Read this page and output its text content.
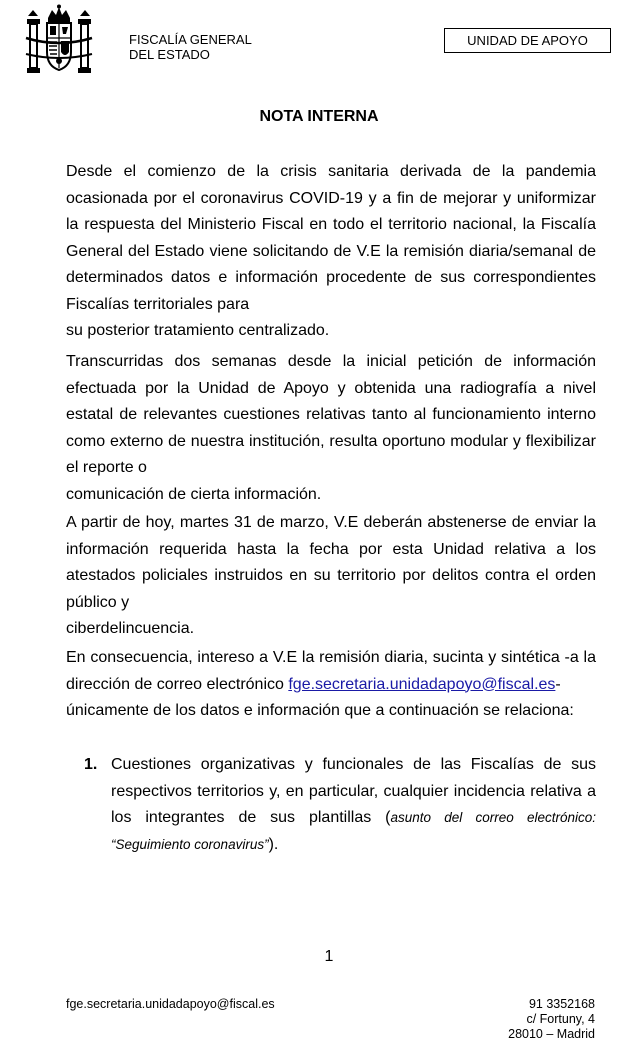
FISCALÍA GENERAL
DEL ESTADO
UNIDAD DE APOYO
NOTA INTERNA
Desde el comienzo de la crisis sanitaria derivada de la pandemia ocasionada por el coronavirus COVID-19 y a fin de mejorar y uniformizar la respuesta del Ministerio Fiscal en todo el territorio nacional, la Fiscalía General del Estado viene solicitando de V.E la remisión diaria/semanal de determinados datos e información procedente de sus correspondientes Fiscalías territoriales para
su posterior tratamiento centralizado.
Transcurridas dos semanas desde la inicial petición de información efectuada por la Unidad de Apoyo y obtenida una radiografía a nivel estatal de relevantes cuestiones relativas tanto al funcionamiento interno como externo de nuestra institución, resulta oportuno modular y flexibilizar el reporte o
comunicación de cierta información.
A partir de hoy, martes 31 de marzo, V.E deberán abstenerse de enviar la información requerida hasta la fecha por esta Unidad relativa a los atestados policiales instruidos en su territorio por delitos contra el orden público y
ciberdelincuencia.
En consecuencia, intereso a V.E la remisión diaria, sucinta y sintética -a la dirección de correo electrónico fge.secretaria.unidadapoyo@fiscal.es-
únicamente de los datos e información que a continuación se relaciona:
1. Cuestiones organizativas y funcionales de las Fiscalías de sus respectivos territorios y, en particular, cualquier incidencia relativa a los integrantes de sus plantillas (asunto del correo electrónico: “Seguimiento coronavirus”).
1
fge.secretaria.unidadapoyo@fiscal.es	91 3352168
c/ Fortuny, 4
28010 – Madrid
